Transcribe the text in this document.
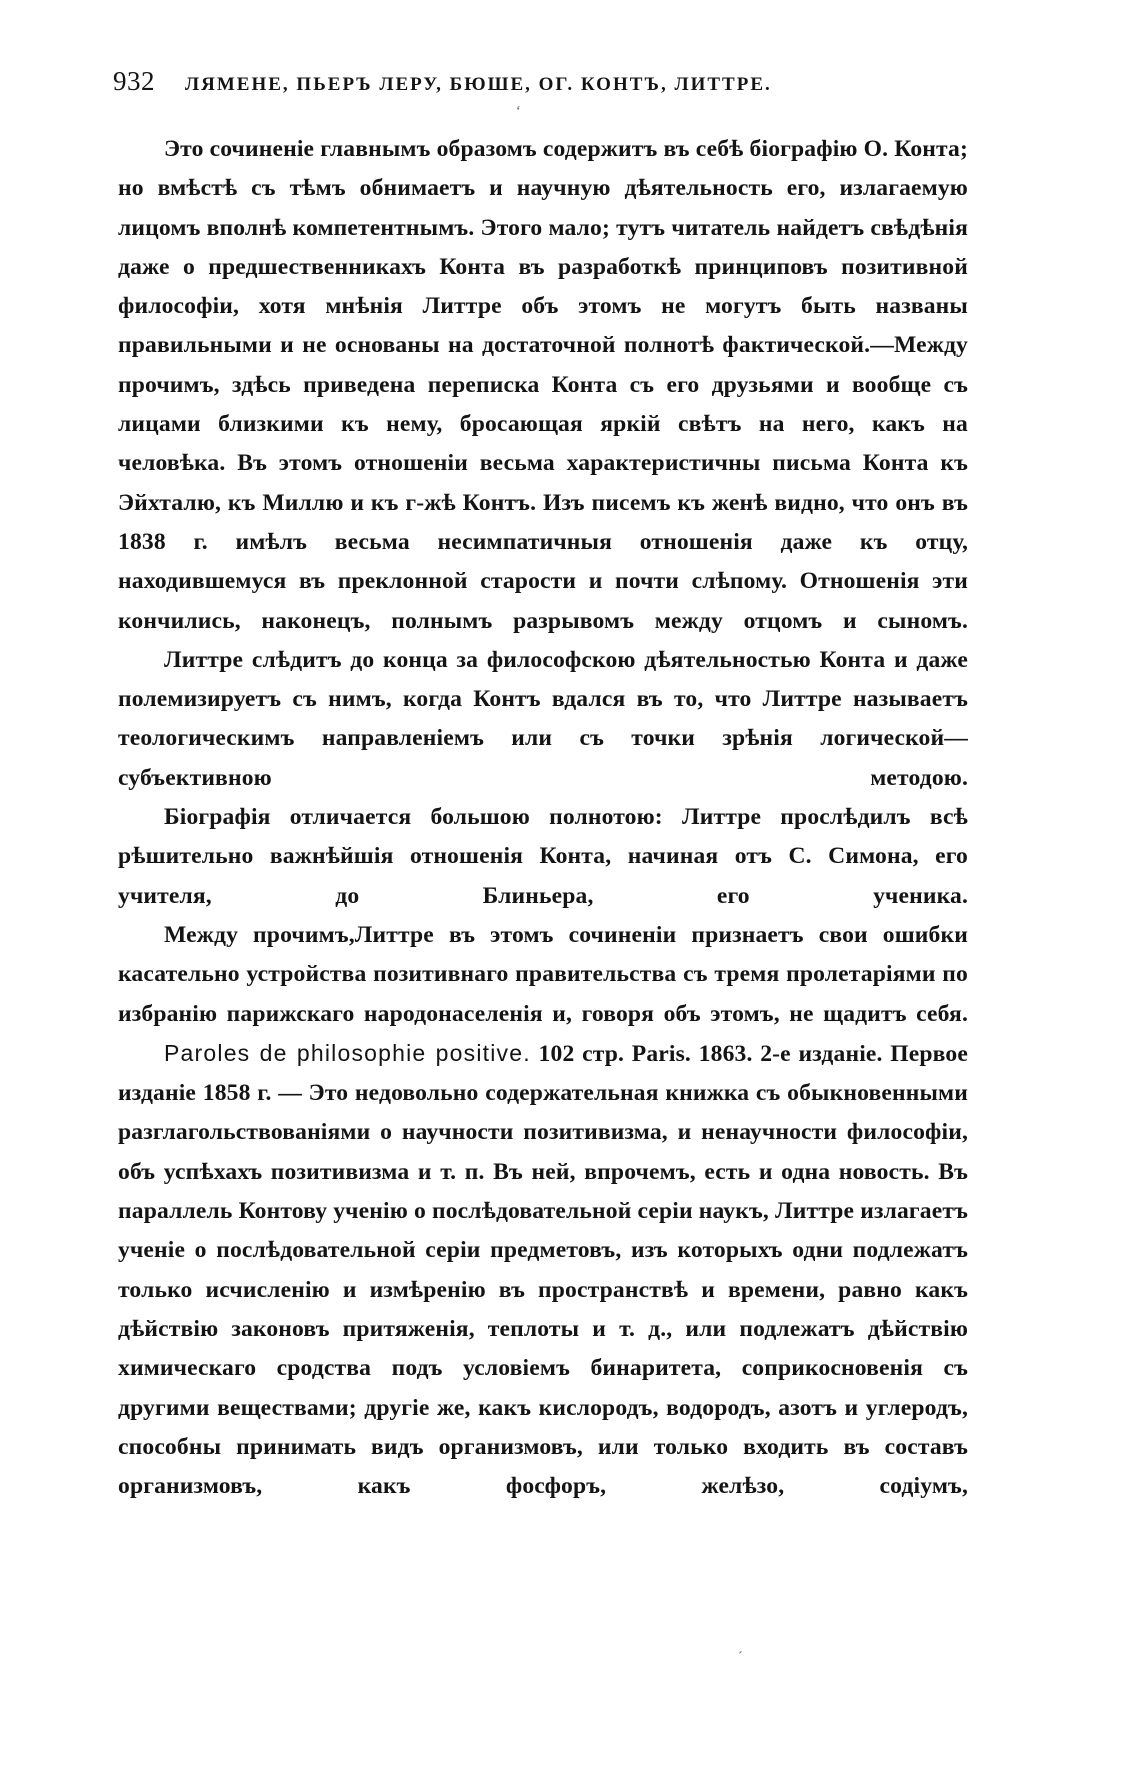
932 ЛЯМЕНЕ, ПЬЕРЪ ЛЕРУ, БЮШЕ, ОГ. КОНТЪ, ЛИТТРЕ.
‘

Это сочиненіе главнымъ образомъ содержитъ въ себѣ біографію О. Конта; но вмѣстѣ съ тѣмъ обнимаетъ и научную дѣятельность его, излагаемую лицомъ вполнѣ компетентнымъ. Этого мало; тутъ читатель найдетъ свѣдѣнія даже о предшественникахъ Конта въ разработкѣ принциповъ позитивной философіи, хотя мнѣнія Литтре объ этомъ не могутъ быть названы правильными и не основаны на достаточной полнотѣ фактической.—Между прочимъ, здѣсь приведена переписка Конта съ его друзьями и вообще съ лицами близкими къ нему, бросающая яркій свѣтъ на него, какъ на человѣка. Въ этомъ отношеніи весьма характеристичны письма Конта къ Эйхталю, къ Миллю и къ г-жѣ Контъ. Изъ писемъ къ женѣ видно, что онъ въ 1838 г. имѣлъ весьма несимпатичныя отношенія даже къ отцу, находившемуся въ преклонной старости и почти слѣпому. Отношенія эти кончились, наконецъ, полнымъ разрывомъ между отцомъ и сыномъ.

Литтре слѣдитъ до конца за философскою дѣятельностью Конта и даже полемизируетъ съ нимъ, когда Контъ вдался въ то, что Литтре называетъ теологическимъ направленіемъ или съ точки зрѣнія логической—субъективною методою.

Біографія отличается большою полнотою: Литтре прослѣдилъ всѣ рѣшительно важнѣйшія отношенія Конта, начиная отъ С. Симона, его учителя, до Блиньера, его ученика.

Между прочимъ,Литтре въ этомъ сочиненіи признаетъ свои ошибки касательно устройства позитивнаго правительства съ тремя пролетаріями по избранію парижскаго народонаселенія и, говоря объ этомъ, не щадитъ себя.

Paroles de philosophie positive. 102 стр. Paris. 1863. 2-е изданіе. Первое изданіе 1858 г. — Это недовольно содержательная книжка съ обыкновенными разглагольствованіями о научности позитивизма, и ненаучности философіи, объ успѣхахъ позитивизма и т. п. Въ ней, впрочемъ, есть и одна новость. Въ параллель Контову ученію о послѣдовательной серіи наукъ, Литтре излагаетъ ученіе о послѣдовательной серіи предметовъ, изъ которыхъ одни подлежатъ только исчисленію и измѣренію въ пространствѣ и времени, равно какъ дѣйствію законовъ притяженія, теплоты и т. д., или подлежатъ дѣйствію химическаго сродства подъ условіемъ бинаритета, соприкосновенія съ другими веществами; другіе же, какъ кислородъ, водородъ, азотъ и углеродъ, способны принимать видъ организмовъ, или только входить въ составъ организмовъ, какъ фосфоръ, желѣзо, содіумъ,

ˊ
